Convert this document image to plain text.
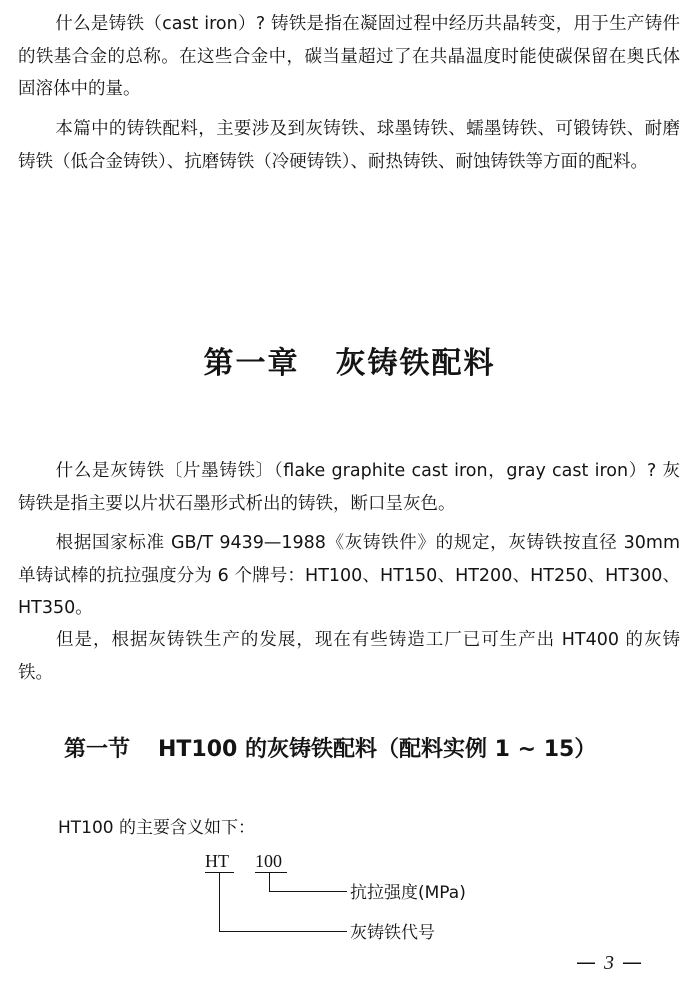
什么是铸铁（cast iron）? 铸铁是指在凝固过程中经历共晶转变，用于生产铸件的铁基合金的总称。在这些合金中，碳当量超过了在共晶温度时能使碳保留在奥氏体固溶体中的量。

本篇中的铸铁配料，主要涉及到灰铸铁、球墨铸铁、蠕墨铸铁、可锻铸铁、耐磨铸铁（低合金铸铁）、抗磨铸铁（冷硬铸铁）、耐热铸铁、耐蚀铸铁等方面的配料。

第一章 灰铸铁配料

什么是灰铸铁〔片墨铸铁〕（flake graphite cast iron，gray cast iron）? 灰铸铁是指主要以片状石墨形式析出的铸铁，断口呈灰色。

根据国家标准 GB/T 9439—1988《灰铸铁件》的规定，灰铸铁按直径 30mm 单铸试棒的抗拉强度分为 6 个牌号：HT100、HT150、HT200、HT250、HT300、HT350。

但是，根据灰铸铁生产的发展，现在有些铸造工厂已可生产出 HT400 的灰铸铁。

第一节 HT100 的灰铸铁配料（配料实例 1 ~ 15）

HT100 的主要含义如下：

HT 100
抗拉强度(MPa)
灰铸铁代号
— 3 —
